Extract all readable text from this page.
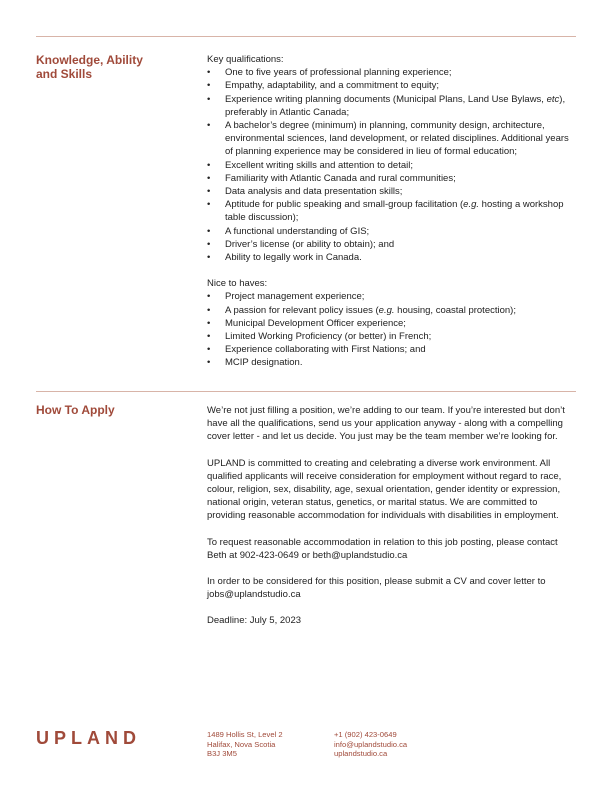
Knowledge, Ability
and Skills

Key qualifications:

• One to five years of professional planning experience;
• Empathy, adaptability, and a commitment to equity;
• Experience writing planning documents (Municipal Plans, Land Use Bylaws, etc), preferably in Atlantic Canada;
• A bachelor’s degree (minimum) in planning, community design, architecture, environmental sciences, land development, or related disciplines. Additional years of planning experience may be considered in lieu of formal education;
• Excellent writing skills and attention to detail;
• Familiarity with Atlantic Canada and rural communities;
• Data analysis and data presentation skills;
• Aptitude for public speaking and small-group facilitation (e.g. hosting a workshop table discussion);
• A functional understanding of GIS;
• Driver’s license (or ability to obtain); and
• Ability to legally work in Canada.

Nice to haves:

• Project management experience;
• A passion for relevant policy issues (e.g. housing, coastal protection);
• Municipal Development Officer experience;
• Limited Working Proficiency (or better) in French;
• Experience collaborating with First Nations; and
• MCIP designation.
How To Apply	We’re not just filling a position, we’re adding to our team. If you’re interested but don’t have all the qualifications, send us your application anyway - along with a compelling cover letter - and let us decide. You just may be the team member we’re looking for.

UPLAND is committed to creating and celebrating a diverse work environment. All qualified applicants will receive consideration for employment without regard to race, colour, religion, sex, disability, age, sexual orientation, gender identity or expression, national origin, veteran status, genetics, or marital status. We are committed to providing reasonable accommodation for individuals with disabilities in employment.

To request reasonable accommodation in relation to this job posting, please contact Beth at 902-423-0649 or beth@uplandstudio.ca

In order to be considered for this position, please submit a CV and cover letter to jobs@uplandstudio.ca

Deadline: July 5, 2023

UPLAND	1489 Hollis St, Level 2
Halifax, Nova Scotia
B3J 3M5
+1 (902) 423-0649
info@uplandstudio.ca
uplandstudio.ca
